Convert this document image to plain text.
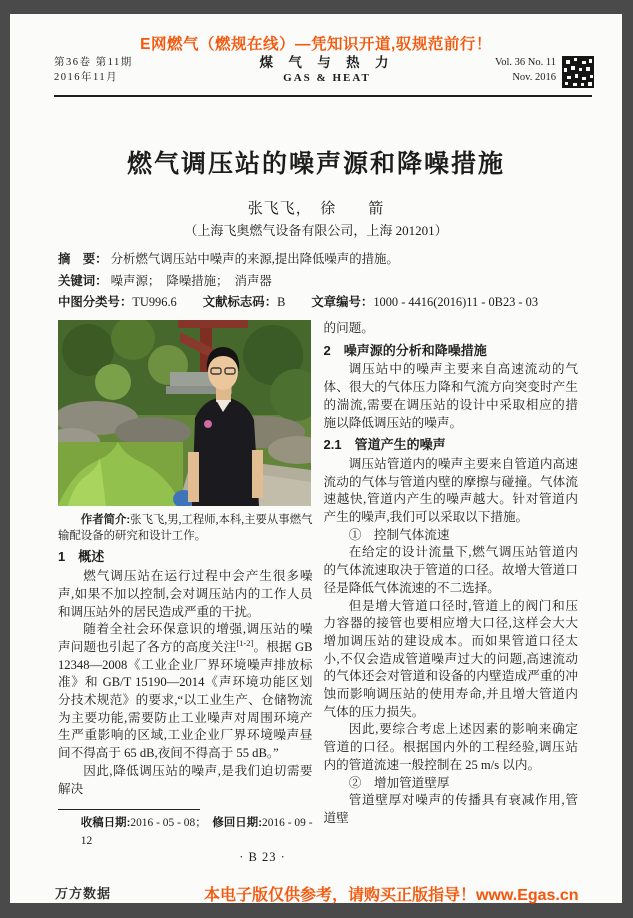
E网燃气（燃规在线）—凭知识开道,驭规范前行！
第36卷 第11期
2016年11月
煤 气 与 热 力
GAS & HEAT
Vol. 36 No. 11
Nov. 2016
燃气调压站的噪声源和降噪措施
张飞飞，　徐　　箭
（上海飞奥燃气设备有限公司，上海 201201）
摘　要： 分析燃气调压站中噪声的来源,提出降低噪声的措施。
关键词： 噪声源；　降噪措施；　消声器
中图分类号：TU996.6 文献标志码：B 文章编号：1000 - 4416(2016)11 - 0B23 - 03
作者简介:张飞飞,男,工程师,本科,主要从事燃气输配设备的研究和设计工作。
1　概述

燃气调压站在运行过程中会产生很多噪声,如果不加以控制,会对调压站内的工作人员和调压站外的居民造成严重的干扰。

随着全社会环保意识的增强,调压站的噪声问题也引起了各方的高度关注[1-2]。根据 GB 12348—2008《工业企业厂界环境噪声排放标准》和 GB/T 15190—2014《声环境功能区划分技术规范》的要求,“以工业生产、仓储物流为主要功能,需要防止工业噪声对周围环境产生严重影响的区域,工业企业厂界环境噪声昼间不得高于 65 dB,夜间不得高于 55 dB。”

因此,降低调压站的噪声,是我们迫切需要解决

收稿日期:2016 - 05 - 08；　 修回日期:2016 - 09 - 12

的问题。

2　噪声源的分析和降噪措施

调压站中的噪声主要来自高速流动的气体、很大的气体压力降和气流方向突变时产生的湍流,需要在调压站的设计中采取相应的措施以降低调压站的噪声。

2.1　管道产生的噪声

调压站管道内的噪声主要来自管道内高速流动的气体与管道内壁的摩擦与碰撞。气体流速越快,管道内产生的噪声越大。针对管道内产生的噪声,我们可以采取以下措施。

①　控制气体流速

在给定的设计流量下,燃气调压站管道内的气体流速取决于管道的口径。故增大管道口径是降低气体流速的不二选择。

但是增大管道口径时,管道上的阀门和压力容器的接管也要相应增大口径,这样会大大增加调压站的建设成本。而如果管道口径太小,不仅会造成管道噪声过大的问题,高速流动的气体还会对管道和设备的内壁造成严重的冲蚀而影响调压站的使用寿命,并且增大管道内气体的压力损失。

因此,要综合考虑上述因素的影响来确定管道的口径。根据国内外的工程经验,调压站内的管道流速一般控制在 25 m/s 以内。

②　增加管道壁厚

管道壁厚对噪声的传播具有衰减作用,管道壁

· B 23 ·
万方数据	本电子版仅供参考，请购买正版指导！www.Egas.cn
